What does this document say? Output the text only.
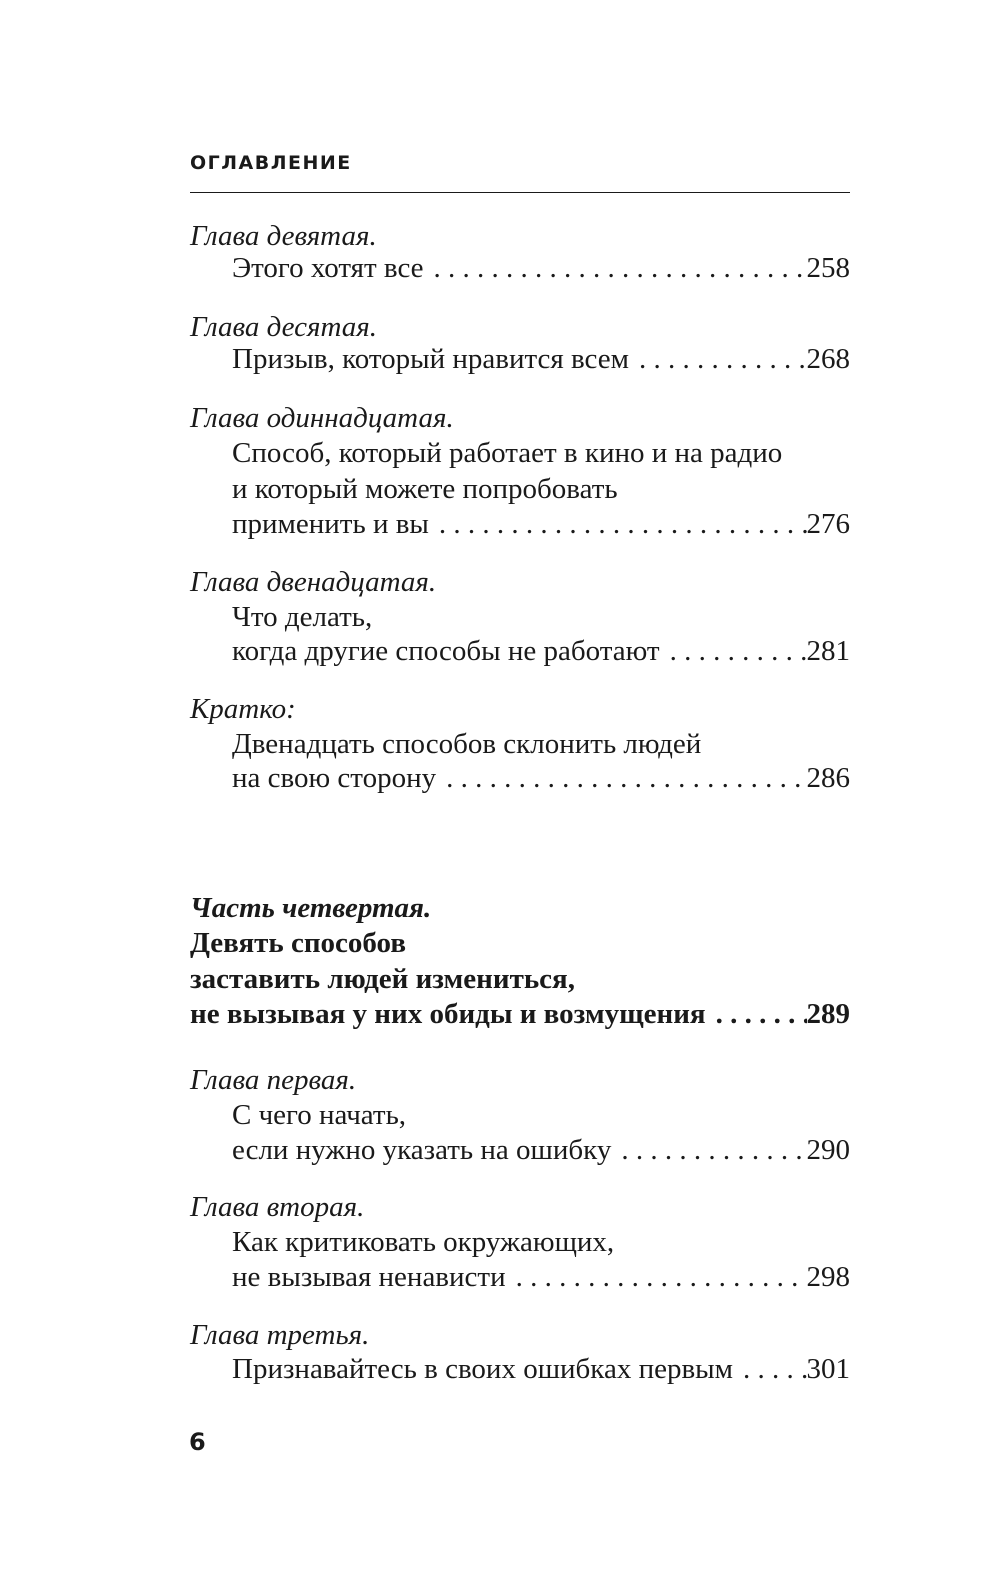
ОГЛАВЛЕНИЕ
Глава девятая.
Этого хотят все . . .	258
Глава десятая.
Призыв, который нравится всем . . .	268
Глава одиннадцатая.
Способ, который работает в кино и на радио
и который можете попробовать
применить и вы . . .	276
Глава двенадцатая.
Что делать,
когда другие способы не работают . . .	281
Кратко:
Двенадцать способов склонить людей
на свою сторону . . .	286
Часть четвертая.
Девять способов
заставить людей измениться,
не вызывая у них обиды и возмущения . . .	289
Глава первая.
С чего начать,
если нужно указать на ошибку . . .	290
Глава вторая.
Как критиковать окружающих,
не вызывая ненависти . . .	298
Глава третья.
Признавайтесь в своих ошибках первым . . .	301
6
